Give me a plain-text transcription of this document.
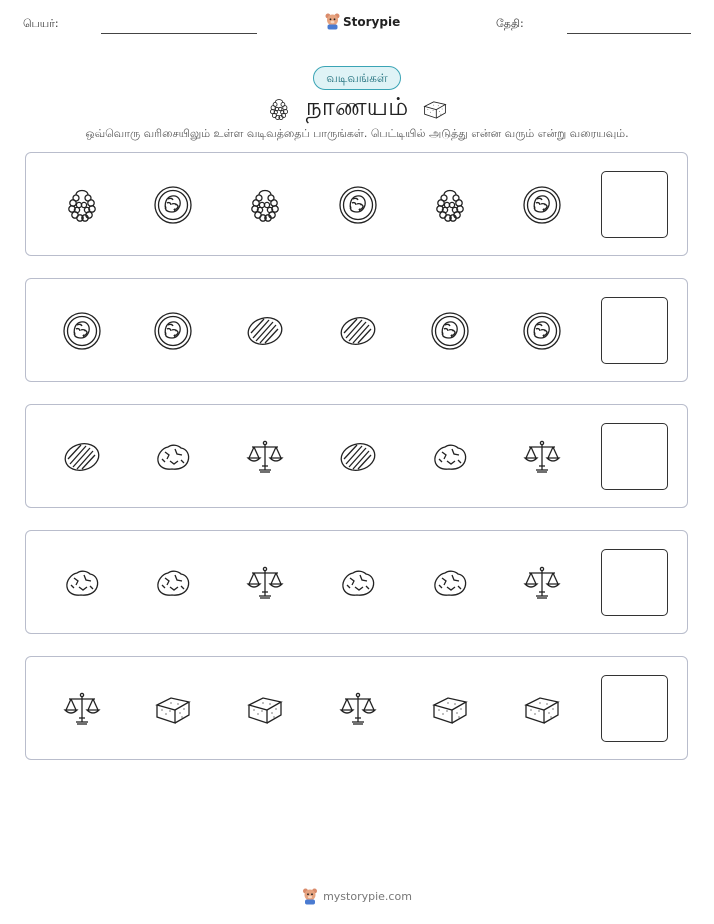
பெயர்:	Storypie	தேதி:
வடிவங்கள்
நாணயம்
ஒவ்வொரு வரிசையிலும் உள்ள வடிவத்தைப் பாருங்கள். பெட்டியில் அடுத்து என்ன வரும் என்று வரையவும்.
mystorypie.com
